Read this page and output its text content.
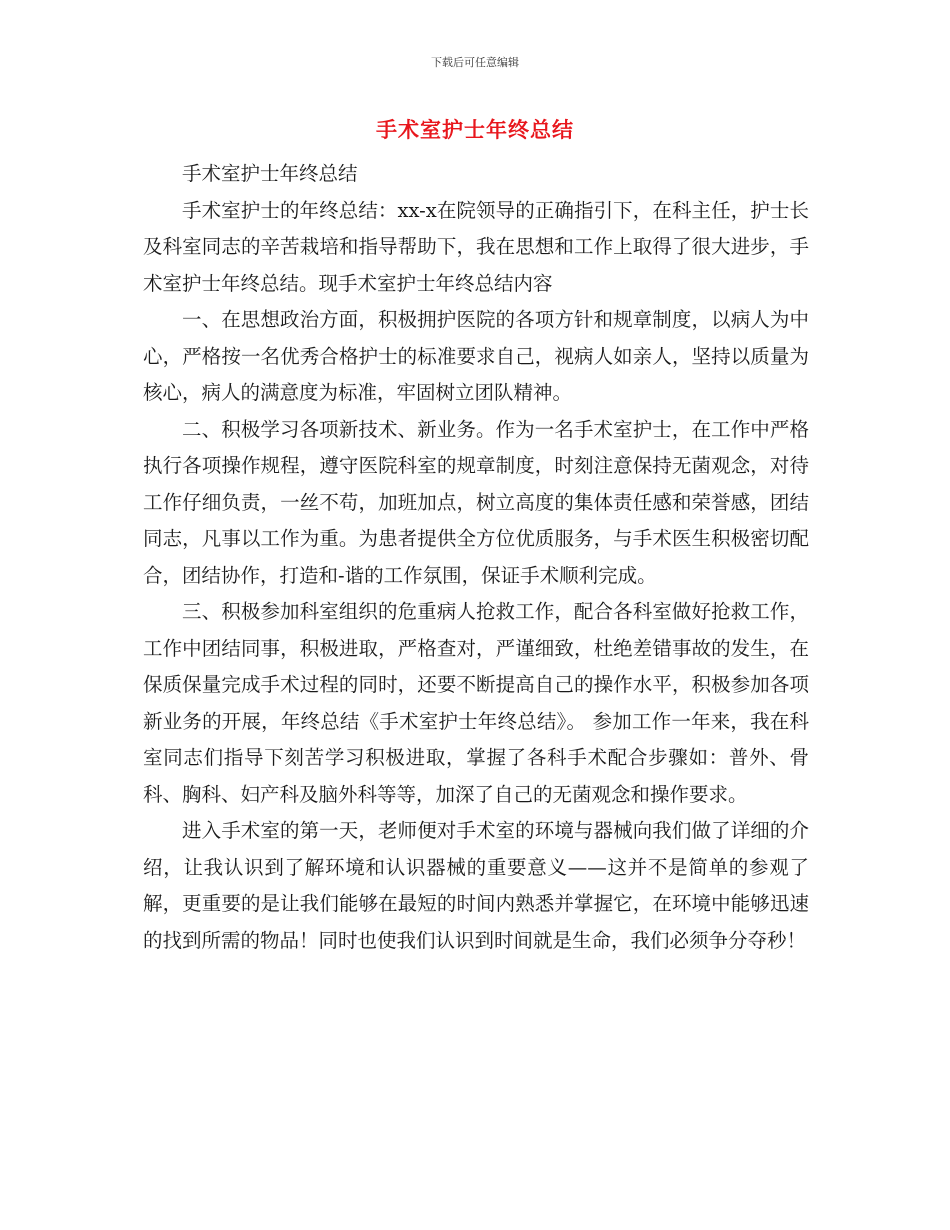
下载后可任意编辑
手术室护士年终总结

手术室护士年终总结

手术室护士的年终总结：xx-x在院领导的正确指引下，在科主任，护士长及科室同志的辛苦栽培和指导帮助下，我在思想和工作上取得了很大进步，手术室护士年终总结。现手术室护士年终总结内容

一、在思想政治方面，积极拥护医院的各项方针和规章制度，以病人为中心，严格按一名优秀合格护士的标准要求自己，视病人如亲人，坚持以质量为核心，病人的满意度为标准，牢固树立团队精神。

二、积极学习各项新技术、新业务。作为一名手术室护士，在工作中严格执行各项操作规程，遵守医院科室的规章制度，时刻注意保持无菌观念，对待工作仔细负责，一丝不苟，加班加点，树立高度的集体责任感和荣誉感，团结同志，凡事以工作为重。为患者提供全方位优质服务，与手术医生积极密切配合，团结协作，打造和-谐的工作氛围，保证手术顺利完成。

三、积极参加科室组织的危重病人抢救工作，配合各科室做好抢救工作，工作中团结同事，积极进取，严格查对，严谨细致，杜绝差错事故的发生，在保质保量完成手术过程的同时，还要不断提高自己的操作水平，积极参加各项新业务的开展，年终总结《手术室护士年终总结》。 参加工作一年来，我在科室同志们指导下刻苦学习积极进取，掌握了各科手术配合步骤如：普外、骨科、胸科、妇产科及脑外科等等，加深了自己的无菌观念和操作要求。

进入手术室的第一天，老师便对手术室的环境与器械向我们做了详细的介绍，让我认识到了解环境和认识器械的重要意义——这并不是简单的参观了解，更重要的是让我们能够在最短的时间内熟悉并掌握它，在环境中能够迅速的找到所需的物品！同时也使我们认识到时间就是生命，我们必须争分夺秒！
